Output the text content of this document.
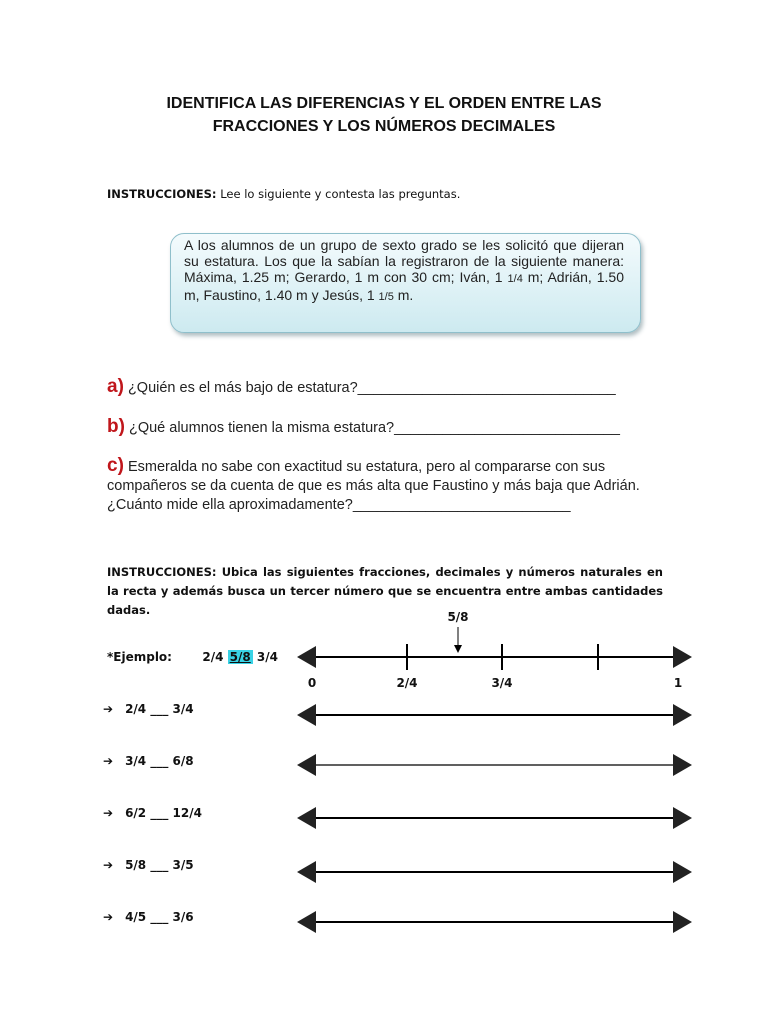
IDENTIFICA LAS DIFERENCIAS Y EL ORDEN ENTRE LAS
FRACCIONES Y LOS NÚMEROS DECIMALES
INSTRUCCIONES: Lee lo siguiente y contesta las preguntas.
A los alumnos de un grupo de sexto grado se les solicitó que dijeran su estatura. Los que la sabían la registraron de la siguiente manera: Máxima, 1.25 m; Gerardo, 1 m con 30 cm; Iván, 1 1/4 m; Adrián, 1.50 m, Faustino, 1.40 m y Jesús, 1 1/5 m.
a) ¿Quién es el más bajo de estatura?________________________________
b) ¿Qué alumnos tienen la misma estatura?____________________________
c) Esmeralda no sabe con exactitud su estatura, pero al compararse con sus compañeros se da cuenta de que es más alta que Faustino y más baja que Adrián. ¿Cuánto mide ella aproximadamente?___________________________
INSTRUCCIONES: Ubica las siguientes fracciones, decimales y números naturales en la recta y además busca un tercer número que se encuentra entre ambas cantidades dadas.
*Ejemplo:	2/4 5/8 3/4
➔ 2/4 ___ 3/4
➔ 3/4 ___ 6/8
➔ 6/2 ___ 12/4
➔ 5/8 ___ 3/5
➔ 4/5 ___ 3/6
0	2/4	3/4	1
5/8
